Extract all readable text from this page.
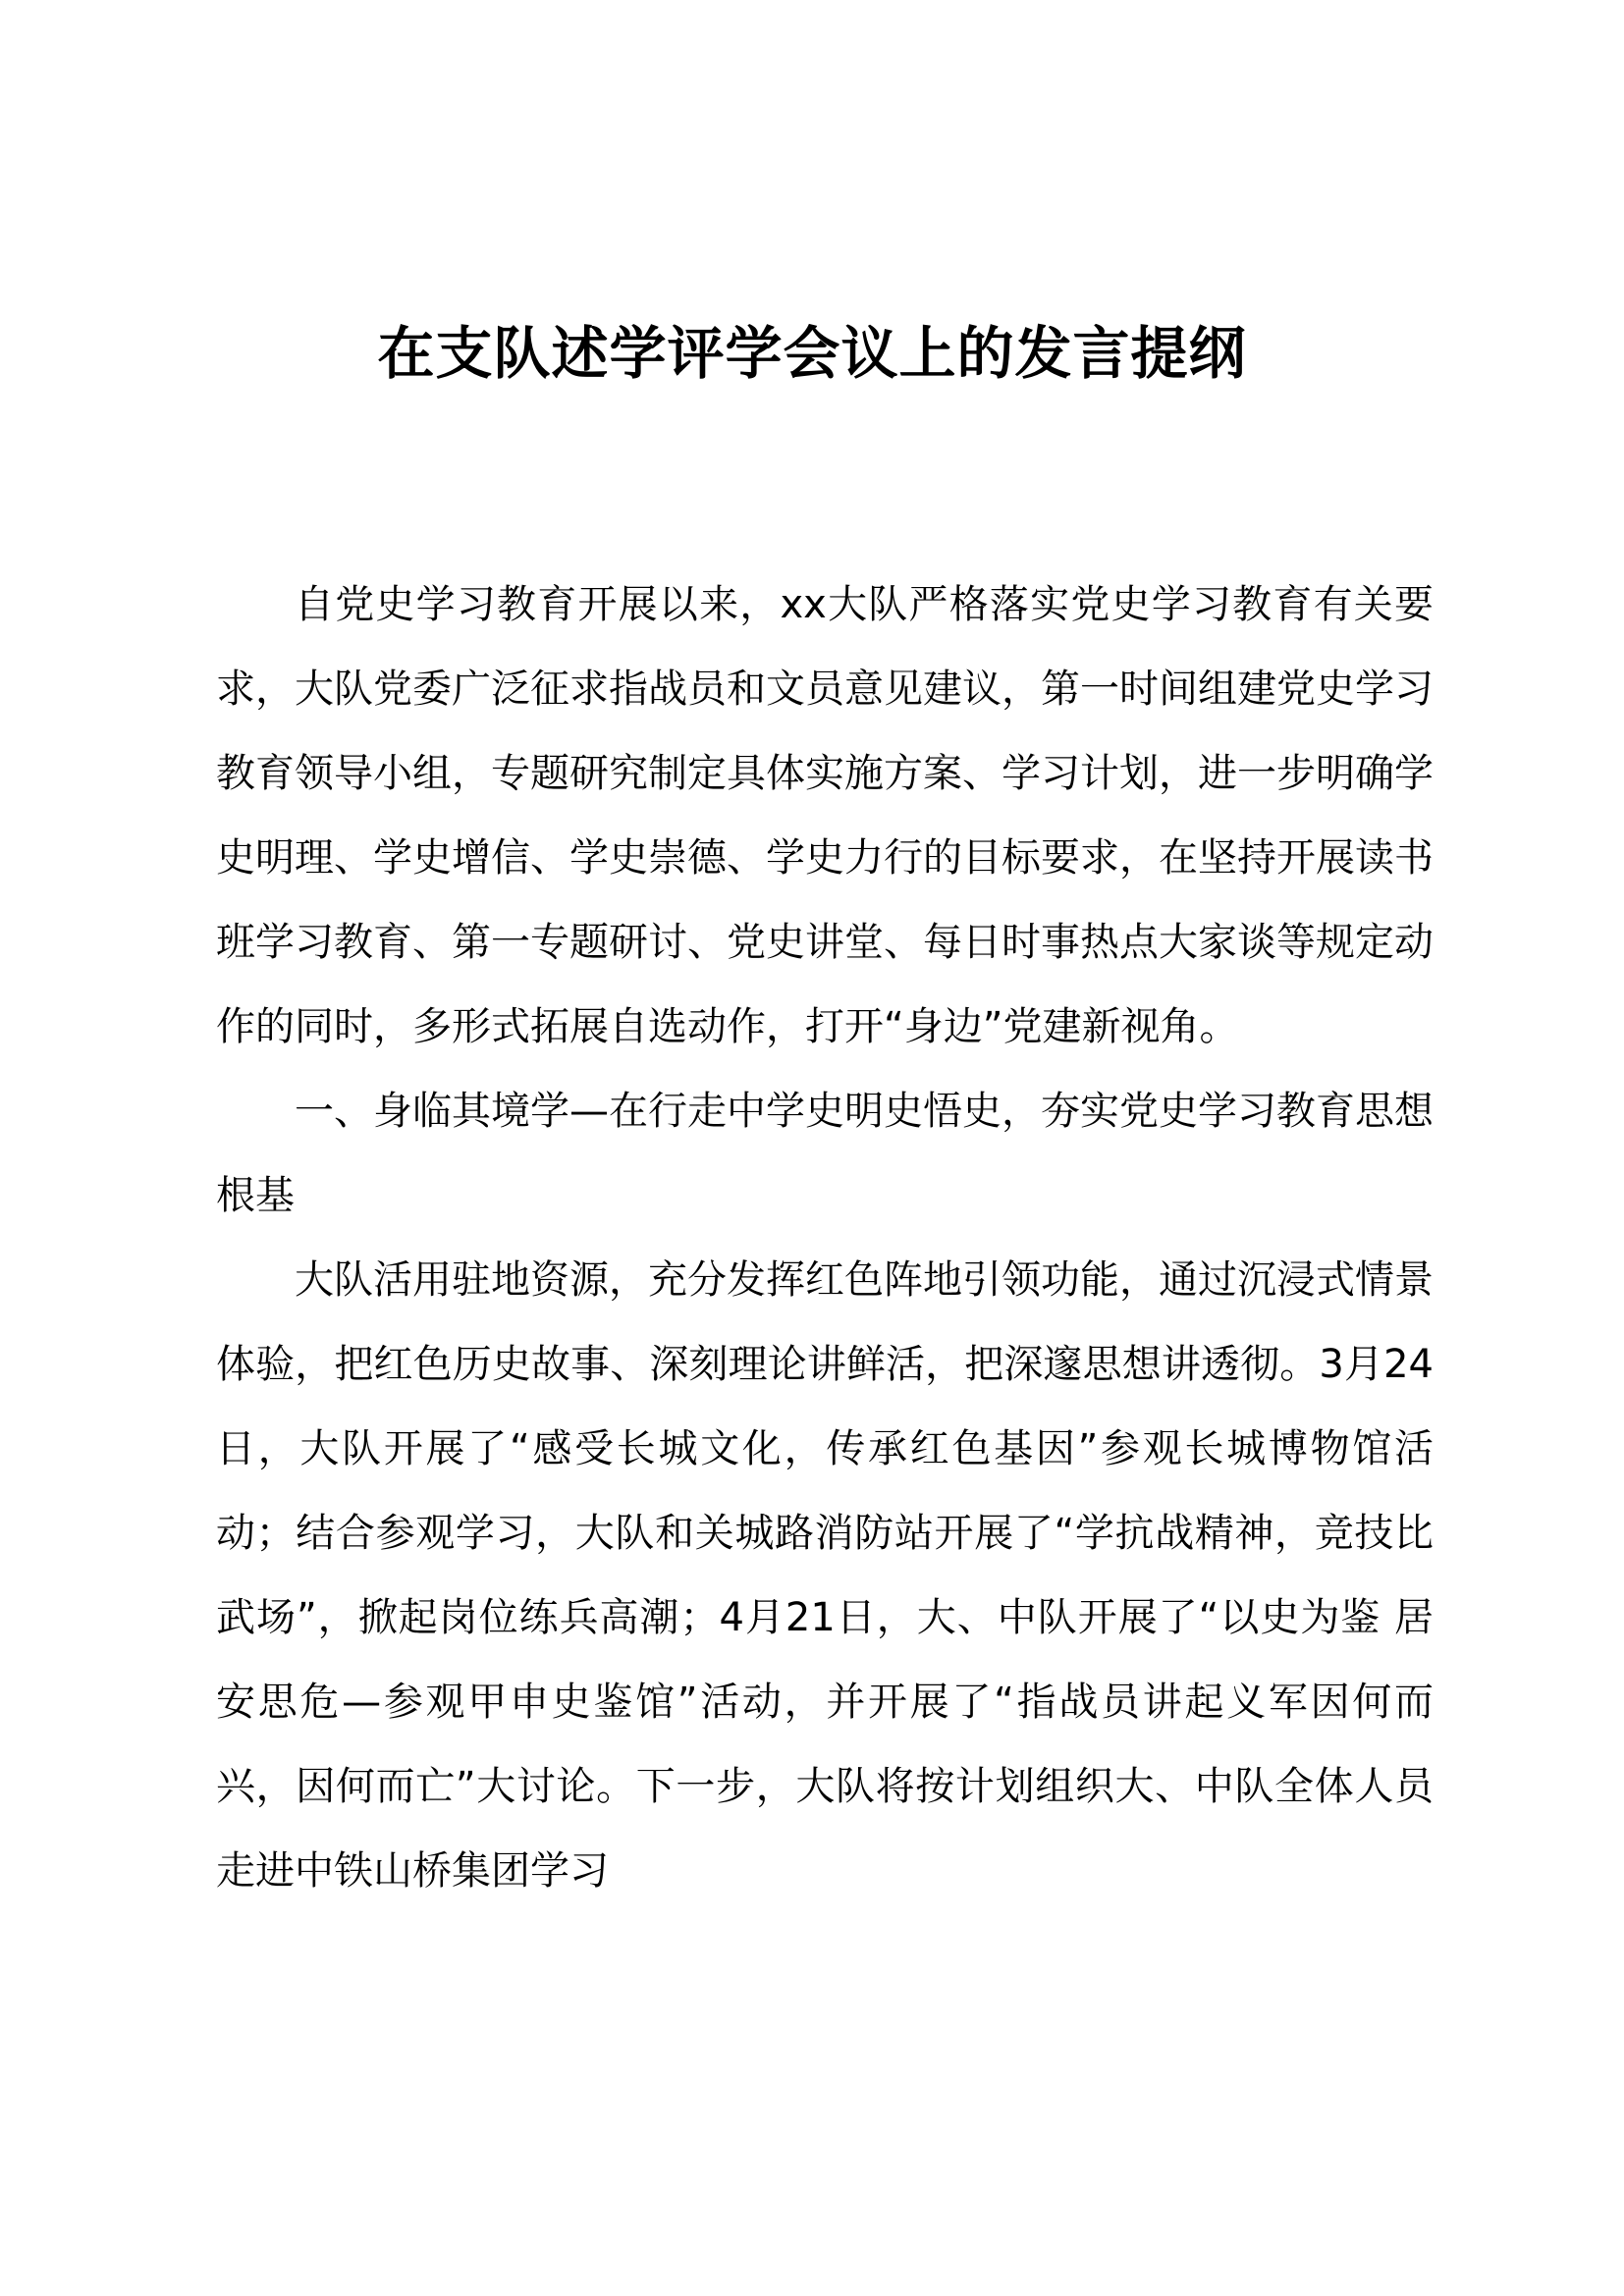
在支队述学评学会议上的发言提纲

自党史学习教育开展以来，xx大队严格落实党史学习教育有关要求，大队党委广泛征求指战员和文员意见建议，第一时间组建党史学习教育领导小组，专题研究制定具体实施方案、学习计划，进一步明确学史明理、学史增信、学史崇德、学史力行的目标要求，在坚持开展读书班学习教育、第一专题研讨、党史讲堂、每日时事热点大家谈等规定动作的同时，多形式拓展自选动作，打开“身边”党建新视角。

一、身临其境学—在行走中学史明史悟史，夯实党史学习教育思想根基

大队活用驻地资源，充分发挥红色阵地引领功能，通过沉浸式情景体验，把红色历史故事、深刻理论讲鲜活，把深邃思想讲透彻。3月24日，大队开展了“感受长城文化，传承红色基因”参观长城博物馆活动；结合参观学习，大队和关城路消防站开展了“学抗战精神，竞技比武场”，掀起岗位练兵高潮；4月21日，大、中队开展了“以史为鉴 居安思危—参观甲申史鉴馆”活动，并开展了“指战员讲起义军因何而兴，因何而亡”大讨论。下一步，大队将按计划组织大、中队全体人员走进中铁山桥集团学习
